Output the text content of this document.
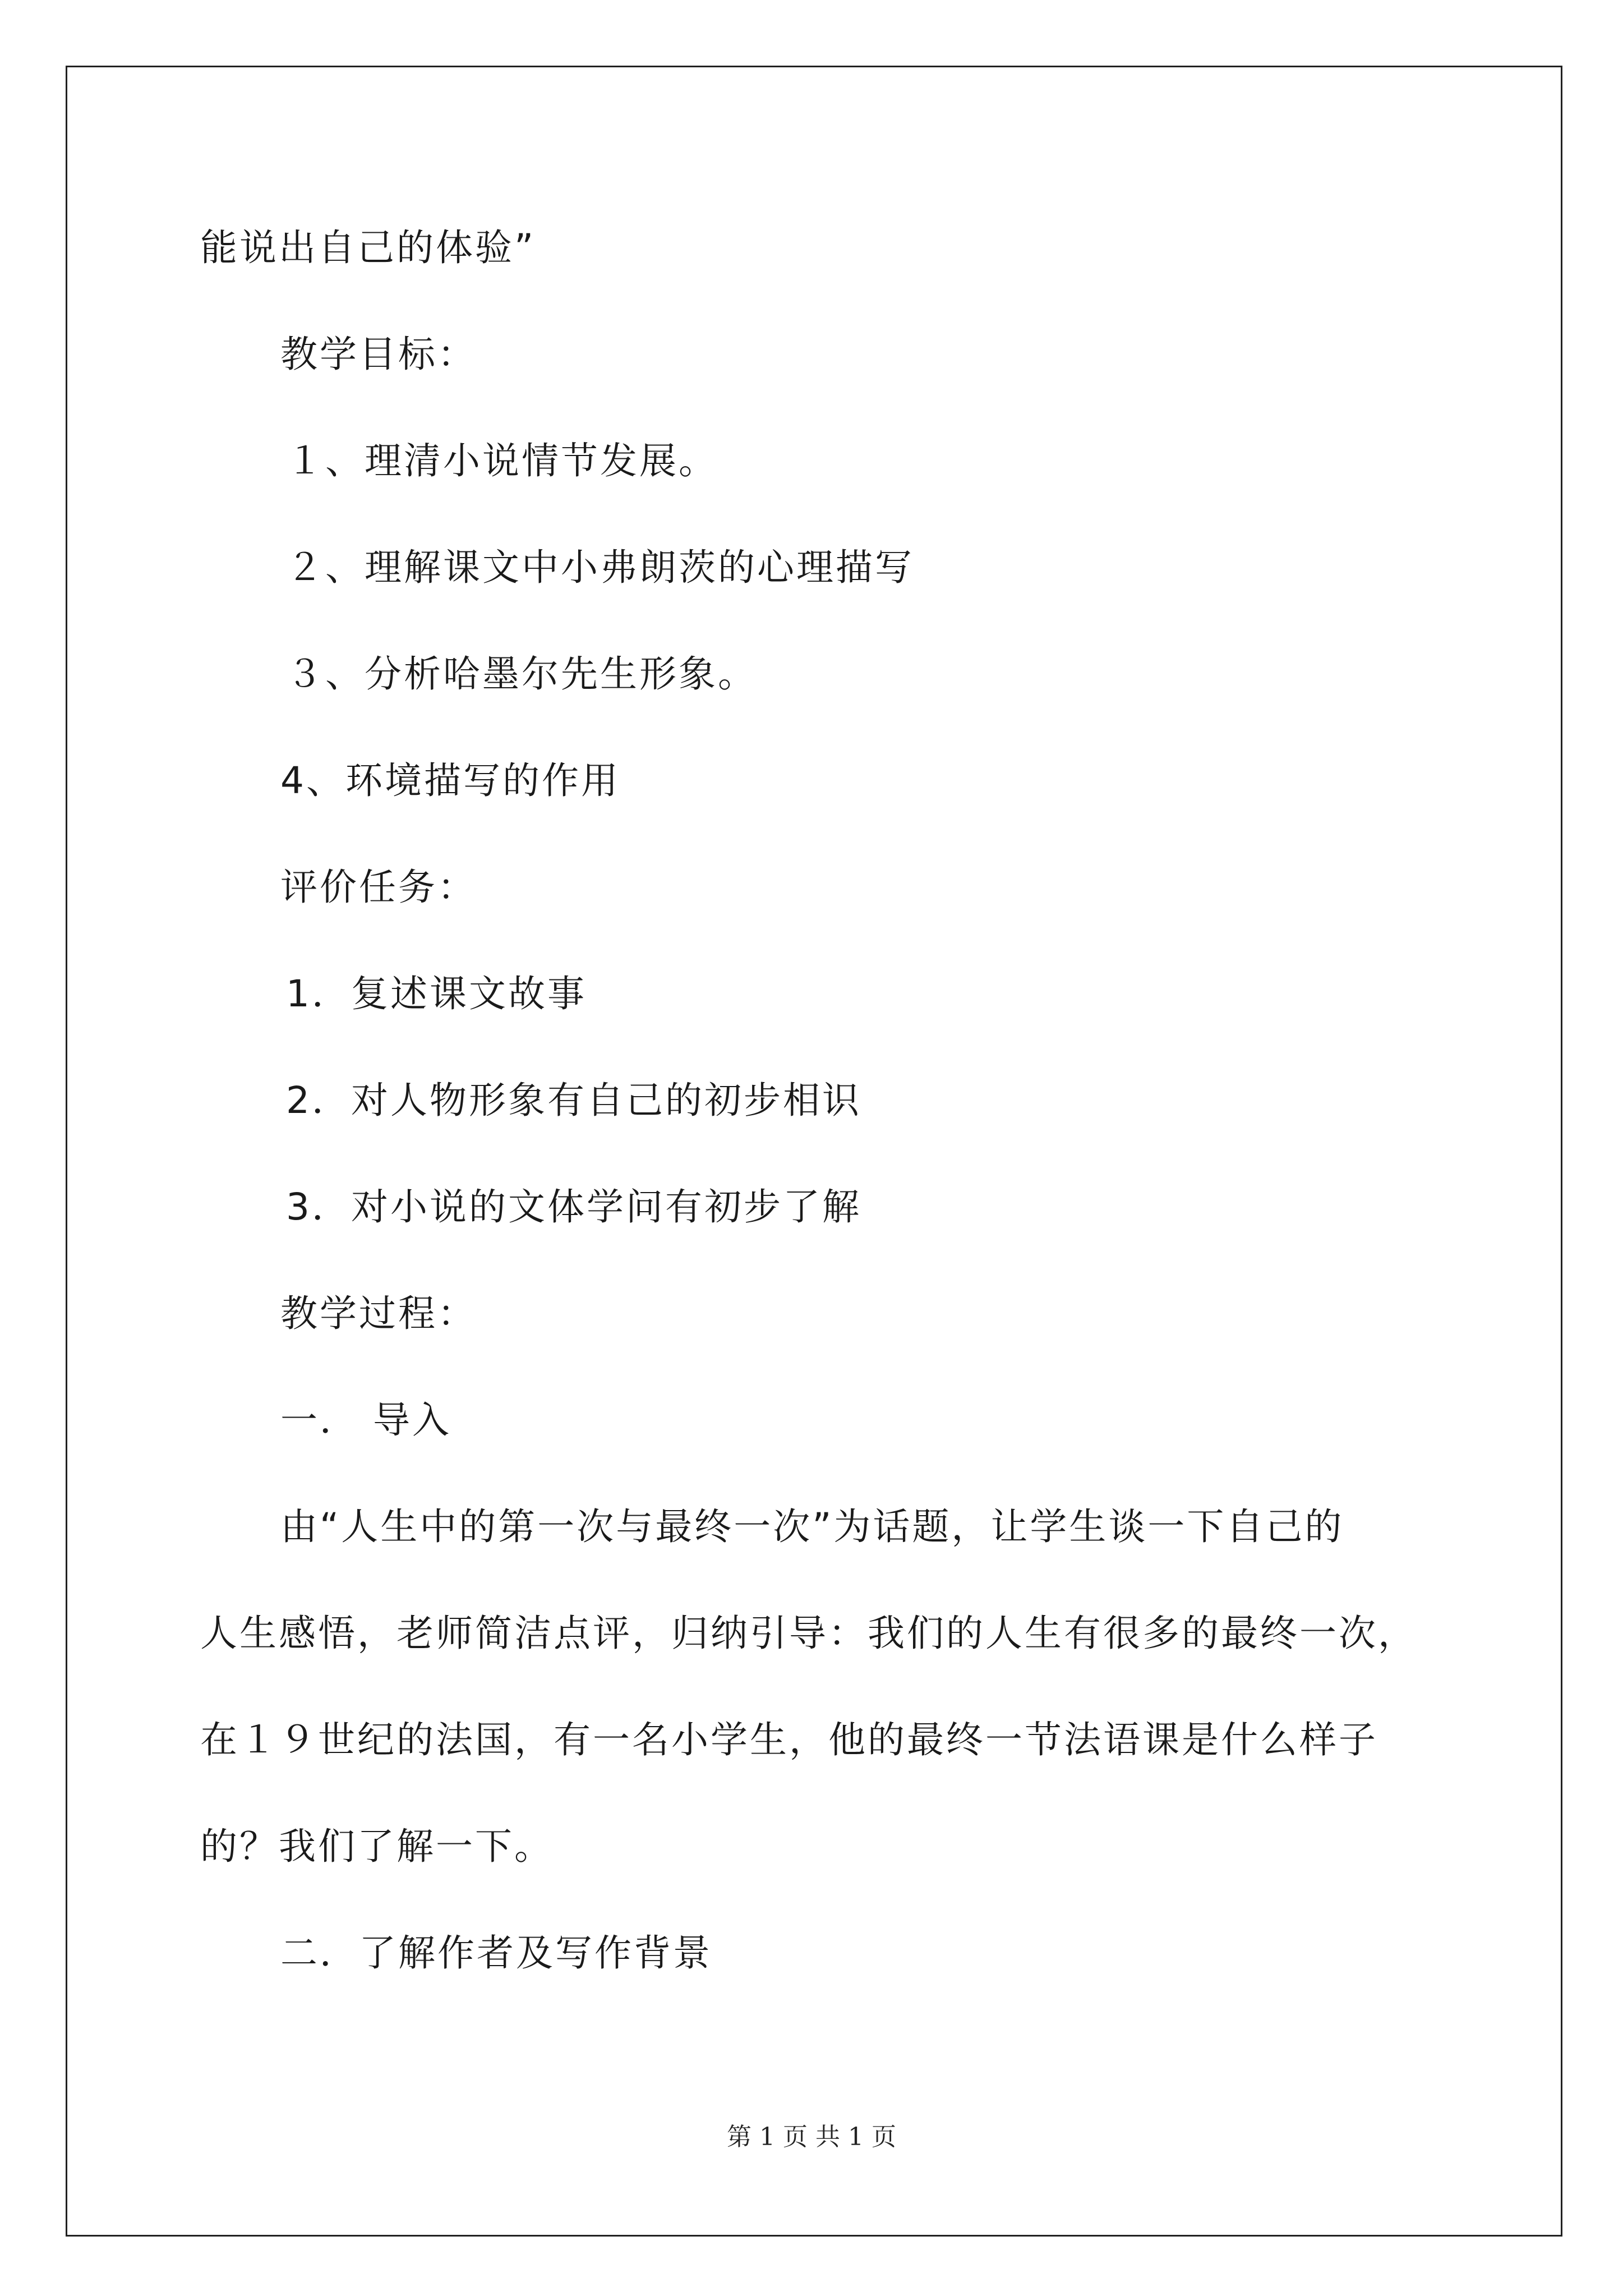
能说出自己的体验”
教学目标：
１、理清小说情节发展。
２、理解课文中小弗朗茨的心理描写
３、分析哈墨尔先生形象。
4、环境描写的作用
评价任务：
1．复述课文故事
2．对人物形象有自己的初步相识
3．对小说的文体学问有初步了解
教学过程：
一． 导入
由“人生中的第一次与最终一次”为话题，让学生谈一下自己的
人生感悟，老师简洁点评，归纳引导：我们的人生有很多的最终一次，
在１９世纪的法国，有一名小学生，他的最终一节法语课是什么样子
的？我们了解一下。
二．了解作者及写作背景
第 1 页 共 1 页
